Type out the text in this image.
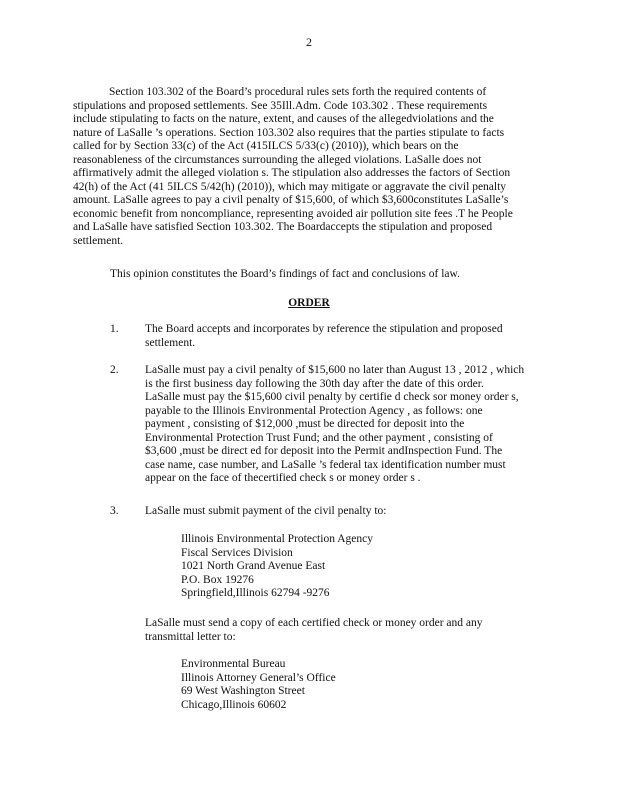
2
Section 103.302 of the Board’s procedural rules sets forth the required contents of
stipulations and proposed settlements. See 35Ill.Adm. Code 103.302 . These requirements
include stipulating to facts on the nature, extent, and causes of the allegedviolations and the
nature of LaSalle ’s operations. Section 103.302 also requires that the parties stipulate to facts
called for by Section 33(c) of the Act (415ILCS 5/33(c) (2010)), which bears on the
reasonableness of the circumstances surrounding the alleged violations. LaSalle does not
affirmatively admit the alleged violation s. The stipulation also addresses the factors of Section
42(h) of the Act (41 5ILCS 5/42(h) (2010)), which may mitigate or aggravate the civil penalty
amount. LaSalle agrees to pay a civil penalty of $15,600, of which $3,600constitutes LaSalle’s
economic benefit from noncompliance, representing avoided air pollution site fees .T he People
and LaSalle have satisfied Section 103.302. The Boardaccepts the stipulation and proposed
settlement.
This opinion constitutes the Board’s findings of fact and conclusions of law.
ORDER
1. The Board accepts and incorporates by reference the stipulation and proposed
settlement.
2. LaSalle must pay a civil penalty of $15,600 no later than August 13 , 2012 , which
is the first business day following the 30th day after the date of this order.
LaSalle must pay the $15,600 civil penalty by certifie d check sor money order s,
payable to the Illinois Environmental Protection Agency , as follows: one
payment , consisting of $12,000 ,must be directed for deposit into the
Environmental Protection Trust Fund; and the other payment , consisting of
$3,600 ,must be direct ed for deposit into the Permit andInspection Fund. The
case name, case number, and LaSalle ’s federal tax identification number must
appear on the face of thecertified check s or money order s .
3. LaSalle must submit payment of the civil penalty to:
Illinois Environmental Protection Agency
Fiscal Services Division
1021 North Grand Avenue East
P.O. Box 19276
Springfield,Illinois 62794 -9276
LaSalle must send a copy of each certified check or money order and any
transmittal letter to:
Environmental Bureau
Illinois Attorney General’s Office
69 West Washington Street
Chicago,Illinois 60602
